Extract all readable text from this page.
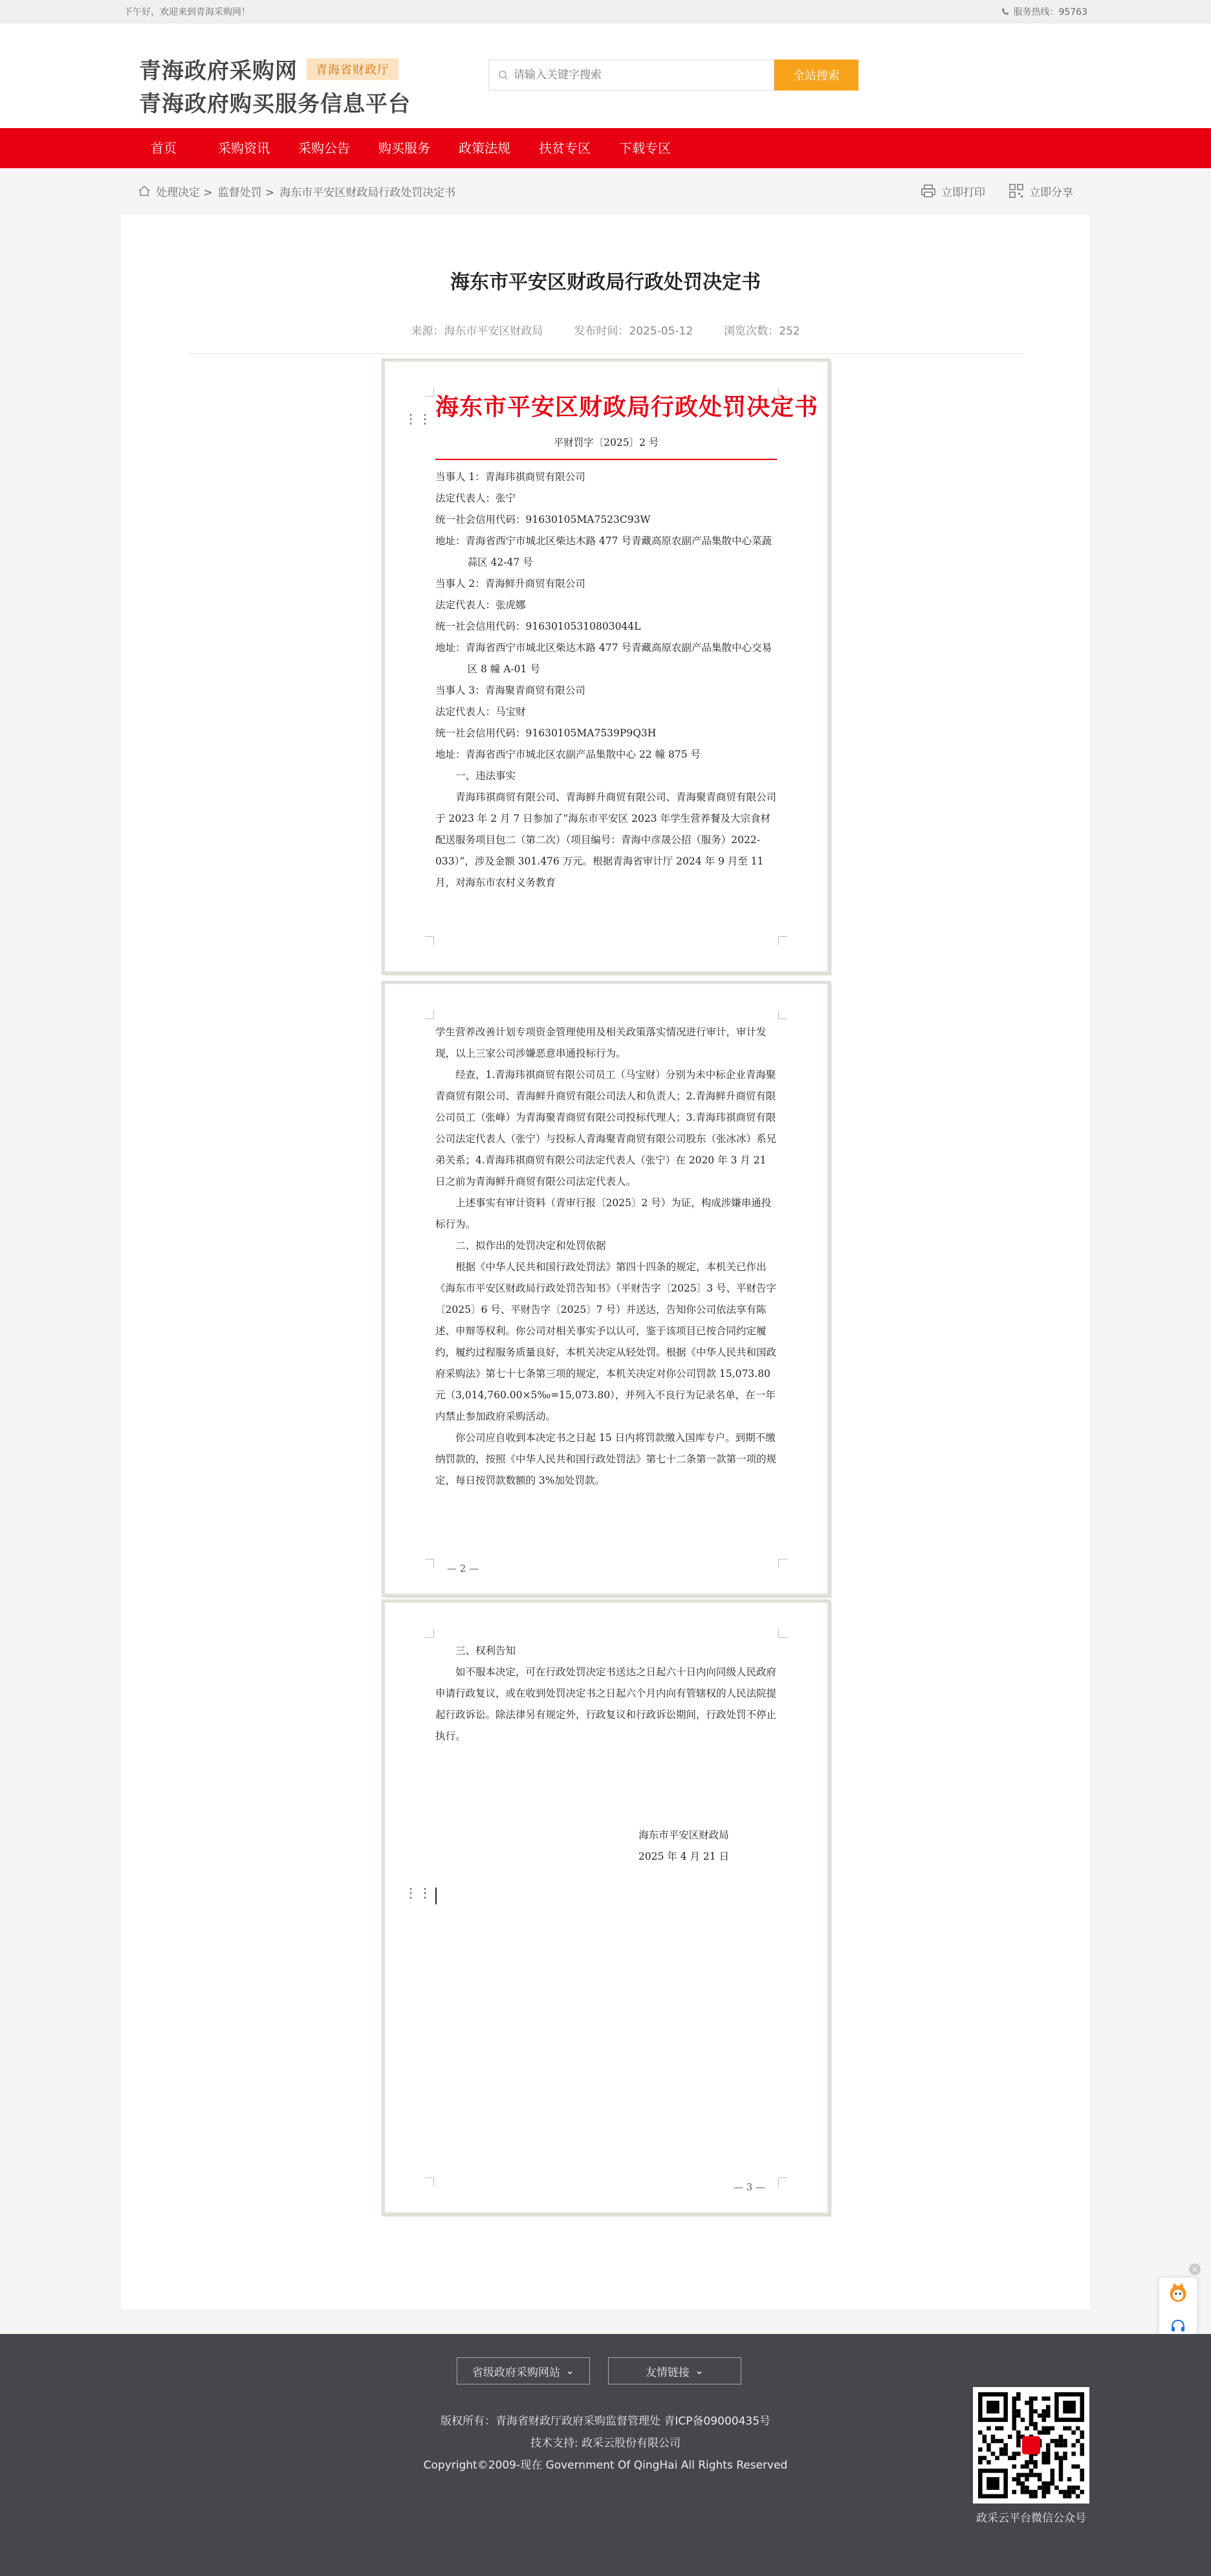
下午好，欢迎来到青海采购网！	服务热线：95763
青海政府采购网	青海省财政厅
青海政府购买服务信息平台
请输入关键字搜索
全站搜索
首页	采购资讯	采购公告	购买服务	政策法规	扶贫专区	下载专区
处理决定 > 监督处罚 > 海东市平安区财政局行政处罚决定书	立即打印	立即分享
海东市平安区财政局行政处罚决定书
来源：海东市平安区财政局	发布时间：2025-05-12	浏览次数：252
⋮⋮ 海东市平安区财政局行政处罚决定书
平财罚字〔2025〕2 号

当事人 1：青海玮祺商贸有限公司

法定代表人：张宁

统一社会信用代码：91630105MA7523C93W

地址：青海省西宁市城北区柴达木路 477 号青藏高原农副产品集散中心菜蔬蒜区 42-47 号

当事人 2：青海鲜升商贸有限公司

法定代表人：张虎娜

统一社会信用代码：91630105310803044L

地址：青海省西宁市城北区柴达木路 477 号青藏高原农副产品集散中心交易区 8 幢 A-01 号

当事人 3：青海聚青商贸有限公司

法定代表人：马宝财

统一社会信用代码：91630105MA7539P9Q3H

地址：青海省西宁市城北区农副产品集散中心 22 幢 875 号

一、违法事实

青海玮祺商贸有限公司、青海鲜升商贸有限公司、青海聚青商贸有限公司于 2023 年 2 月 7 日参加了“海东市平安区 2023 年学生营养餐及大宗食材配送服务项目包二（第二次）（项目编号：青海中彦晟公招（服务）2022-033）”，涉及金额 301.476 万元。根据青海省审计厅 2024 年 9 月至 11 月，对海东市农村义务教育

学生营养改善计划专项资金管理使用及相关政策落实情况进行审计，审计发现，以上三家公司涉嫌恶意串通投标行为。

经查，1.青海玮祺商贸有限公司员工（马宝财）分别为未中标企业青海聚青商贸有限公司、青海鲜升商贸有限公司法人和负责人；2.青海鲜升商贸有限公司员工（张峰）为青海聚青商贸有限公司投标代理人；3.青海玮祺商贸有限公司法定代表人（张宁）与投标人青海聚青商贸有限公司股东（张冰冰）系兄弟关系；4.青海玮祺商贸有限公司法定代表人（张宁）在 2020 年 3 月 21 日之前为青海鲜升商贸有限公司法定代表人。

上述事实有审计资料（青审行报〔2025〕2 号）为证，构成涉嫌串通投标行为。

二、拟作出的处罚决定和处罚依据

根据《中华人民共和国行政处罚法》第四十四条的规定，本机关已作出《海东市平安区财政局行政处罚告知书》（平财告字〔2025〕3 号、平财告字〔2025〕6 号、平财告字〔2025〕7 号）并送达，告知你公司依法享有陈述、申辩等权利。你公司对相关事实予以认可，鉴于该项目已按合同约定履约，履约过程服务质量良好，本机关决定从轻处罚。根据《中华人民共和国政府采购法》第七十七条第三项的规定，本机关决定对你公司罚款 15,073.80 元（3,014,760.00×5‰=15,073.80），并列入不良行为记录名单，在一年内禁止参加政府采购活动。

你公司应自收到本决定书之日起 15 日内将罚款缴入国库专户。到期不缴纳罚款的，按照《中华人民共和国行政处罚法》第七十二条第一款第一项的规定，每日按罚款数额的 3%加处罚款。

— 2 —

三、权利告知

如不服本决定，可在行政处罚决定书送达之日起六十日内向同级人民政府申请行政复议，或在收到处罚决定书之日起六个月内向有管辖权的人民法院提起行政诉讼。除法律另有规定外，行政复议和行政诉讼期间，行政处罚不停止执行。

海东市平安区财政局
2025 年 4 月 21 日
⋮⋮
— 3 —
×
省级政府采购网站 ⌄	友情链接 ⌄
版权所有：青海省财政厅政府采购监督管理处 青ICP备09000435号
技术支持: 政采云股份有限公司
Copyright©2009-现在 Government Of QingHai All Rights Reserved
政采云平台微信公众号
